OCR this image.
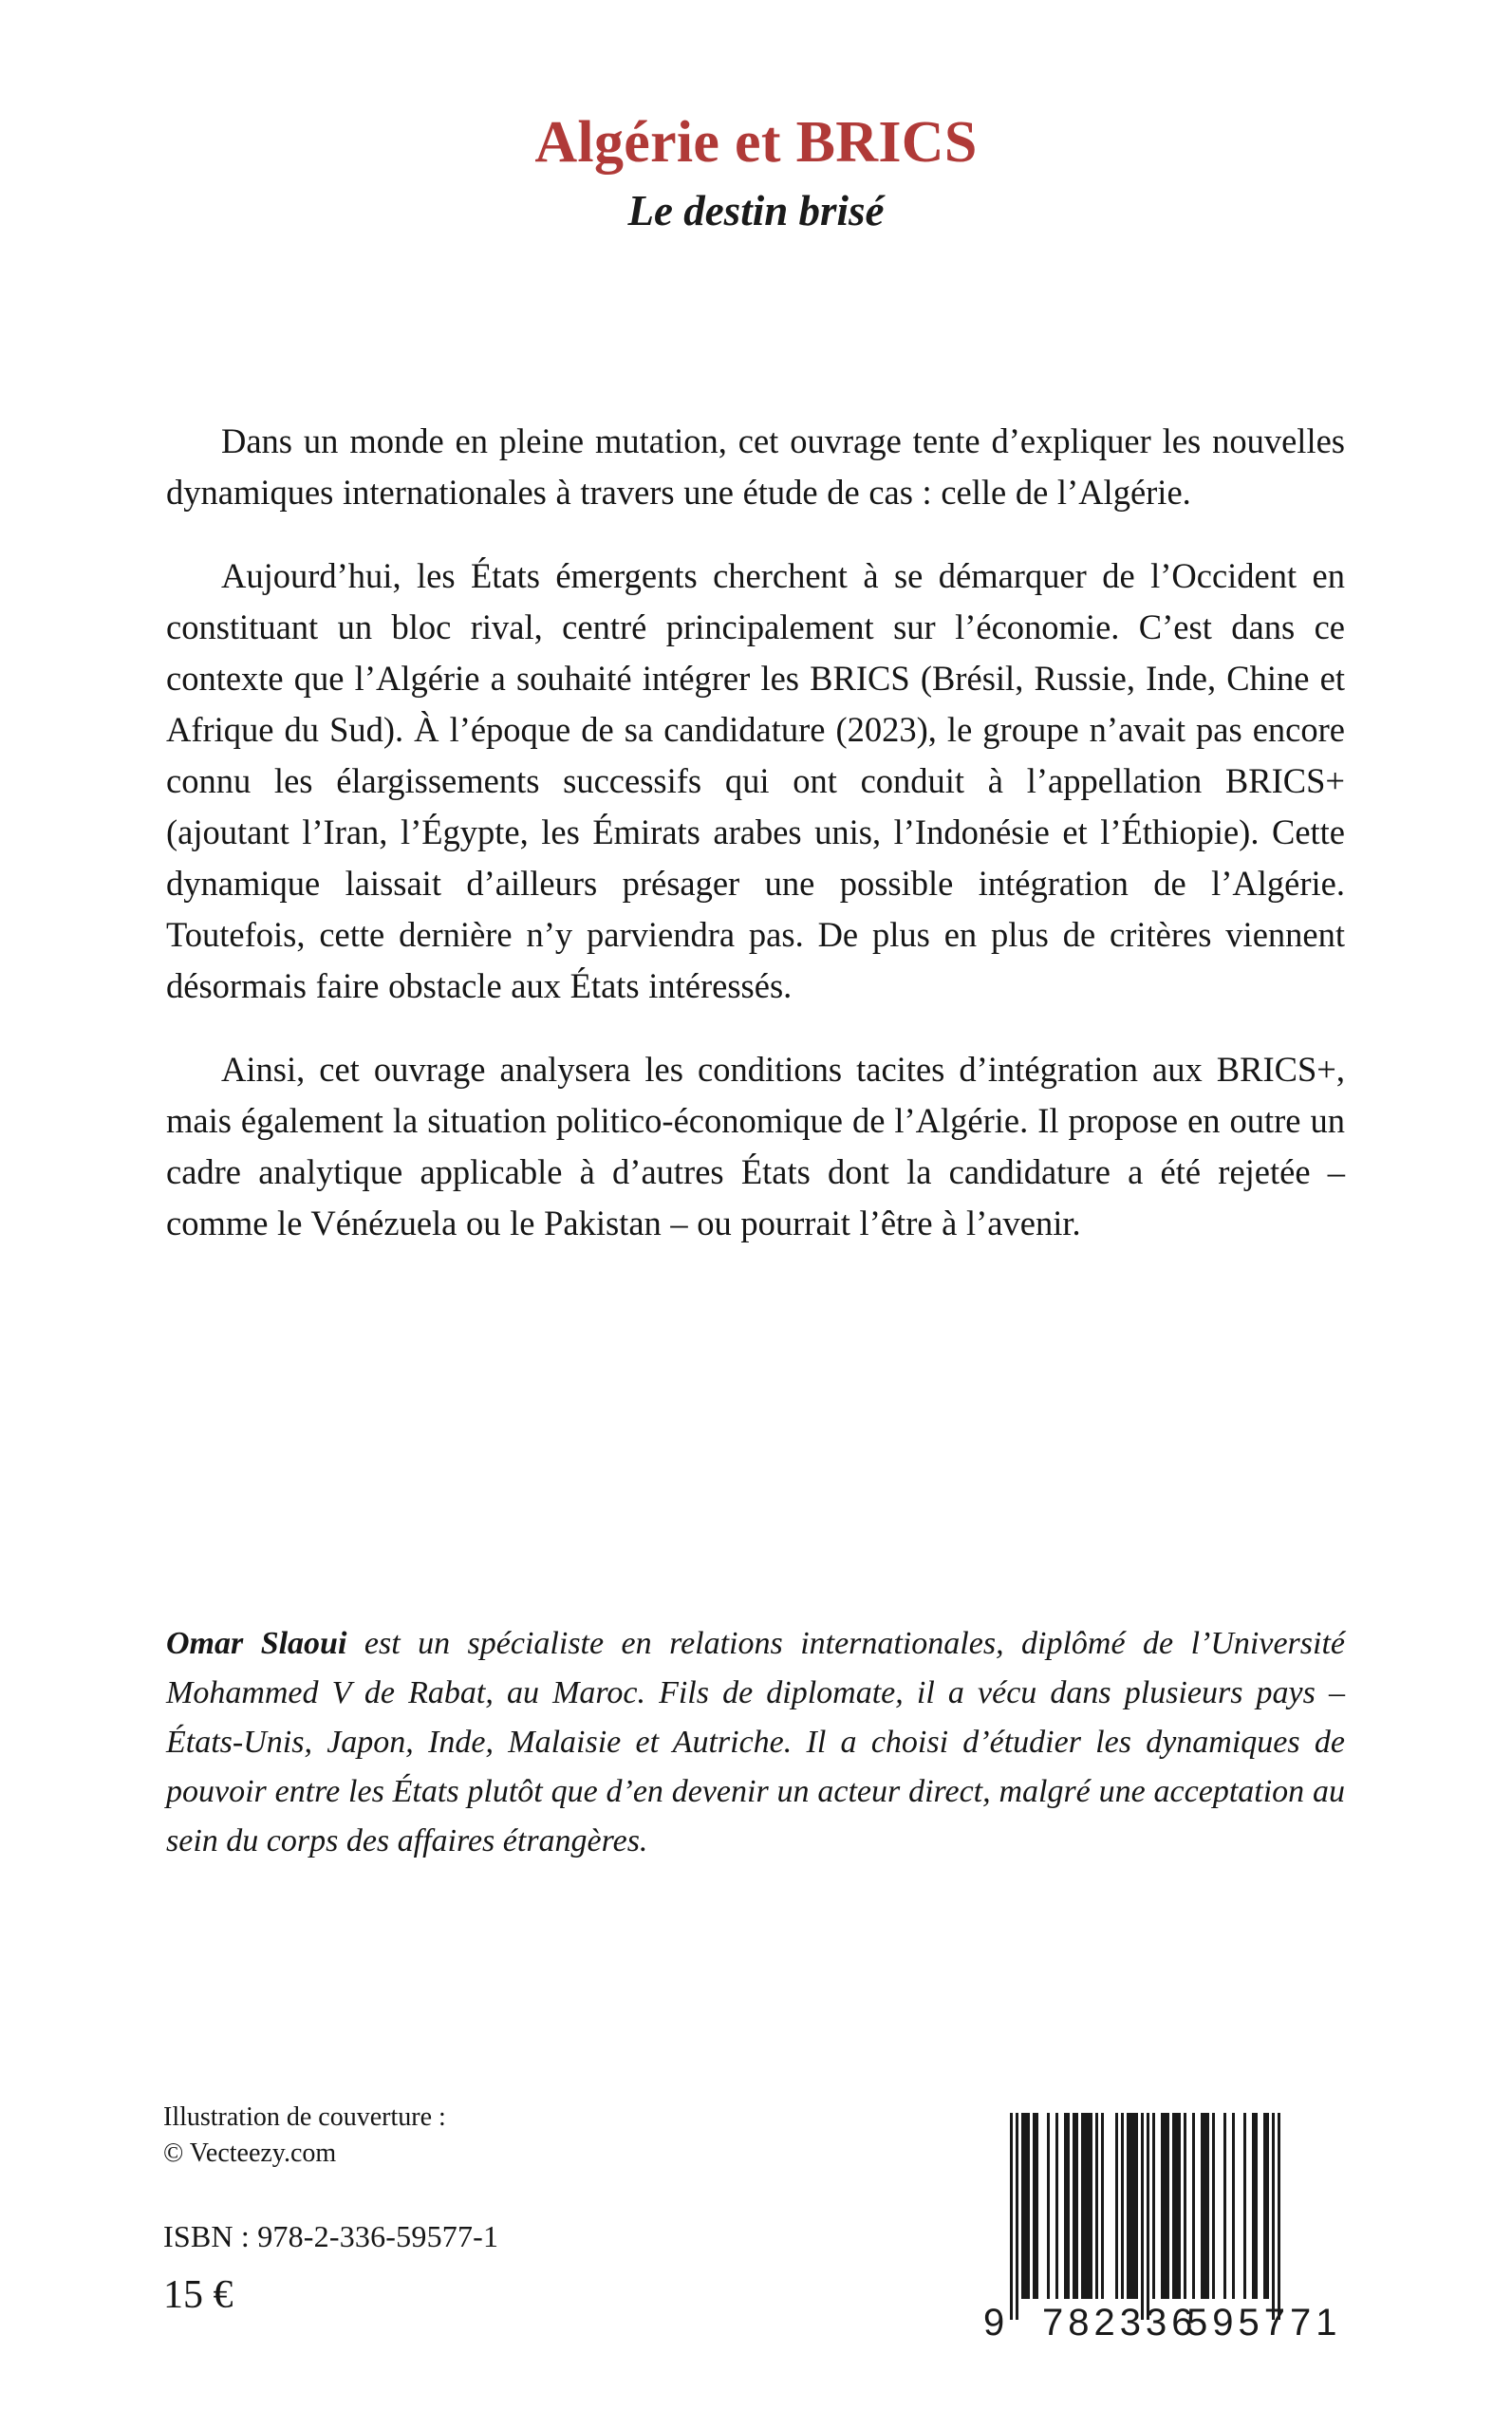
Algérie et BRICS
Le destin brisé

Dans un monde en pleine mutation, cet ouvrage tente d’expliquer les nouvelles dynamiques internationales à travers une étude de cas : celle de l’Algérie.

Aujourd’hui, les États émergents cherchent à se démarquer de l’Occident en constituant un bloc rival, centré principalement sur l’économie. C’est dans ce contexte que l’Algérie a souhaité intégrer les BRICS (Brésil, Russie, Inde, Chine et Afrique du Sud). À l’époque de sa candidature (2023), le groupe n’avait pas encore connu les élargissements successifs qui ont conduit à l’appellation BRICS+ (ajoutant l’Iran, l’Égypte, les Émirats arabes unis, l’Indonésie et l’Éthiopie). Cette dynamique laissait d’ailleurs présager une possible intégration de l’Algérie. Toutefois, cette dernière n’y parviendra pas. De plus en plus de critères viennent désormais faire obstacle aux États intéressés.

Ainsi, cet ouvrage analysera les conditions tacites d’intégration aux BRICS+, mais également la situation politico-économique de l’Algérie. Il propose en outre un cadre analytique applicable à d’autres États dont la candidature a été rejetée – comme le Vénézuela ou le Pakistan – ou pourrait l’être à l’avenir.

Omar Slaoui est un spécialiste en relations internationales, diplômé de l’Université Mohammed V de Rabat, au Maroc. Fils de diplomate, il a vécu dans plusieurs pays – États-Unis, Japon, Inde, Malaisie et Autriche. Il a choisi d’étudier les dynamiques de pouvoir entre les États plutôt que d’en devenir un acteur direct, malgré une acceptation au sein du corps des affaires étrangères.

Illustration de couverture :

© Vecteezy.com

ISBN : 978-2-336-59577-1

15 €

9 782336
595771
